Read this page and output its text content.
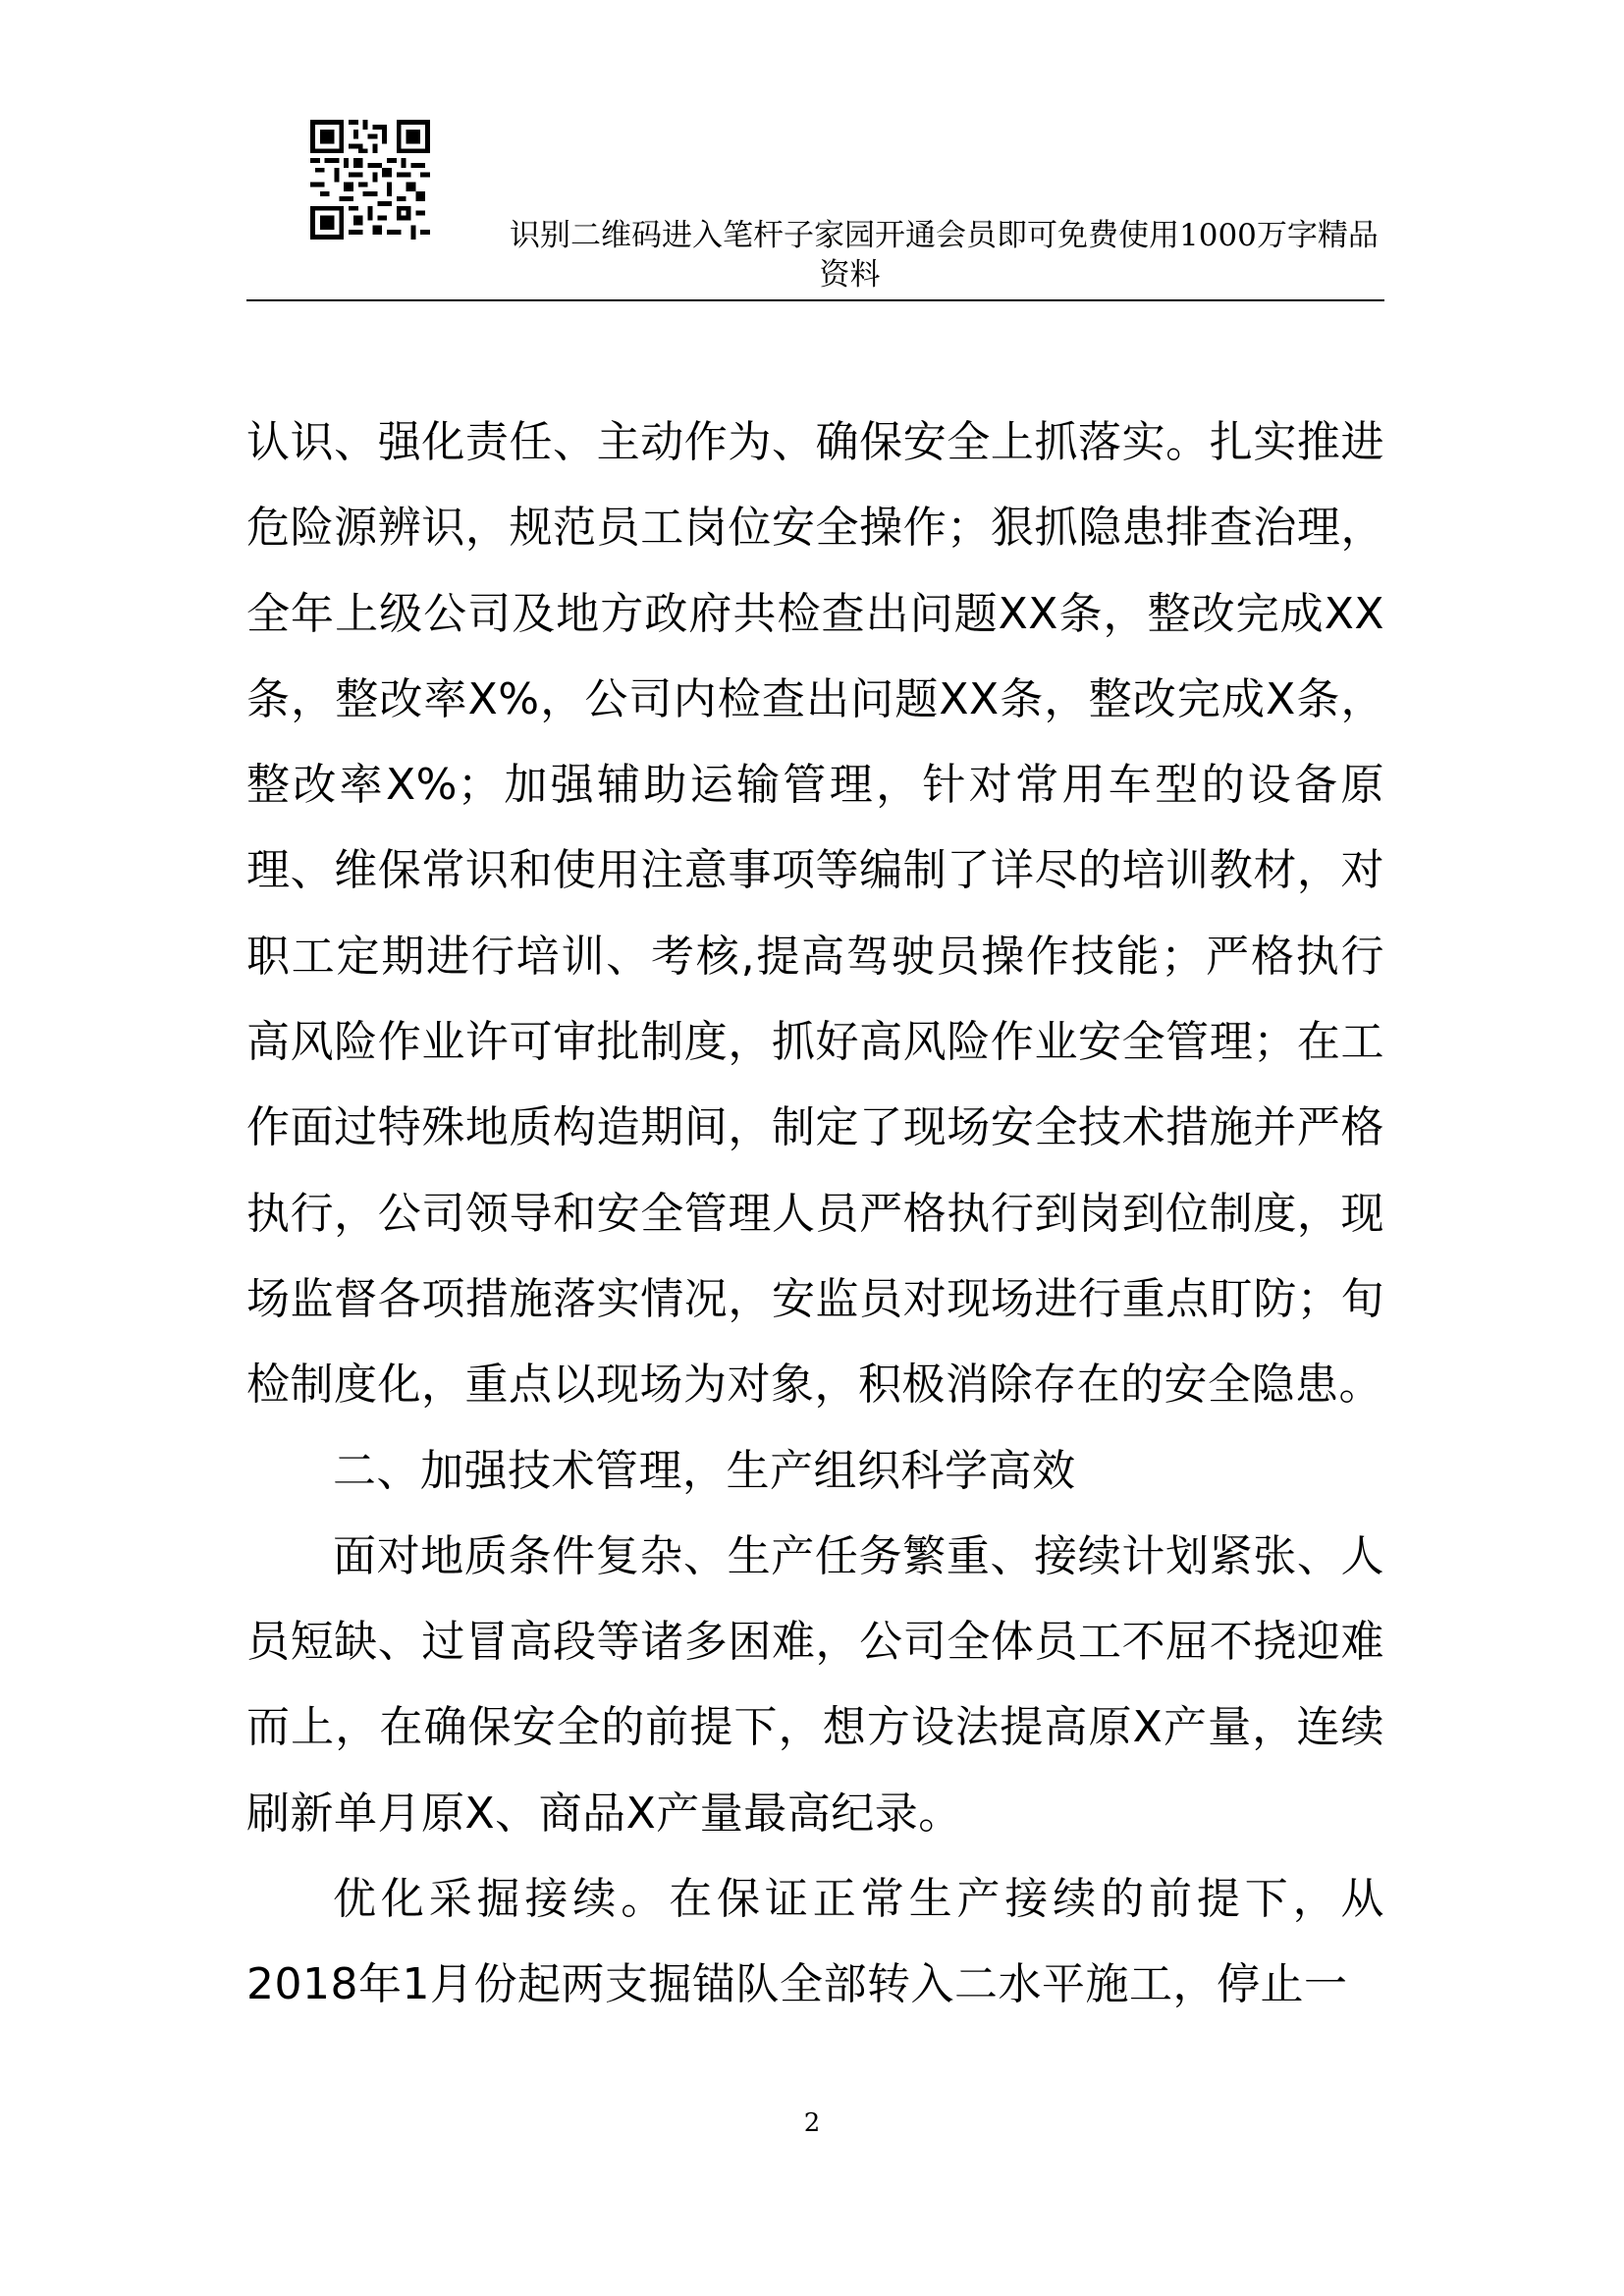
识别二维码进入笔杆子家园开通会员即可免费使用1000万字精品
资料

认识、强化责任、主动作为、确保安全上抓落实。扎实推进危险源辨识，规范员工岗位安全操作；狠抓隐患排查治理，全年上级公司及地方政府共检查出问题XX条，整改完成XX条，整改率X%，公司内检查出问题XX条，整改完成X条，整改率X%；加强辅助运输管理，针对常用车型的设备原理、维保常识和使用注意事项等编制了详尽的培训教材，对职工定期进行培训、考核,提高驾驶员操作技能；严格执行高风险作业许可审批制度，抓好高风险作业安全管理；在工作面过特殊地质构造期间，制定了现场安全技术措施并严格执行，公司领导和安全管理人员严格执行到岗到位制度，现场监督各项措施落实情况，安监员对现场进行重点盯防；旬检制度化，重点以现场为对象，积极消除存在的安全隐患。

二、加强技术管理，生产组织科学高效

面对地质条件复杂、生产任务繁重、接续计划紧张、人员短缺、过冒高段等诸多困难，公司全体员工不屈不挠迎难而上，在确保安全的前提下，想方设法提高原X产量，连续刷新单月原X、商品X产量最高纪录。

优化采掘接续。在保证正常生产接续的前提下，从2018年1月份起两支掘锚队全部转入二水平施工，停止一

2
